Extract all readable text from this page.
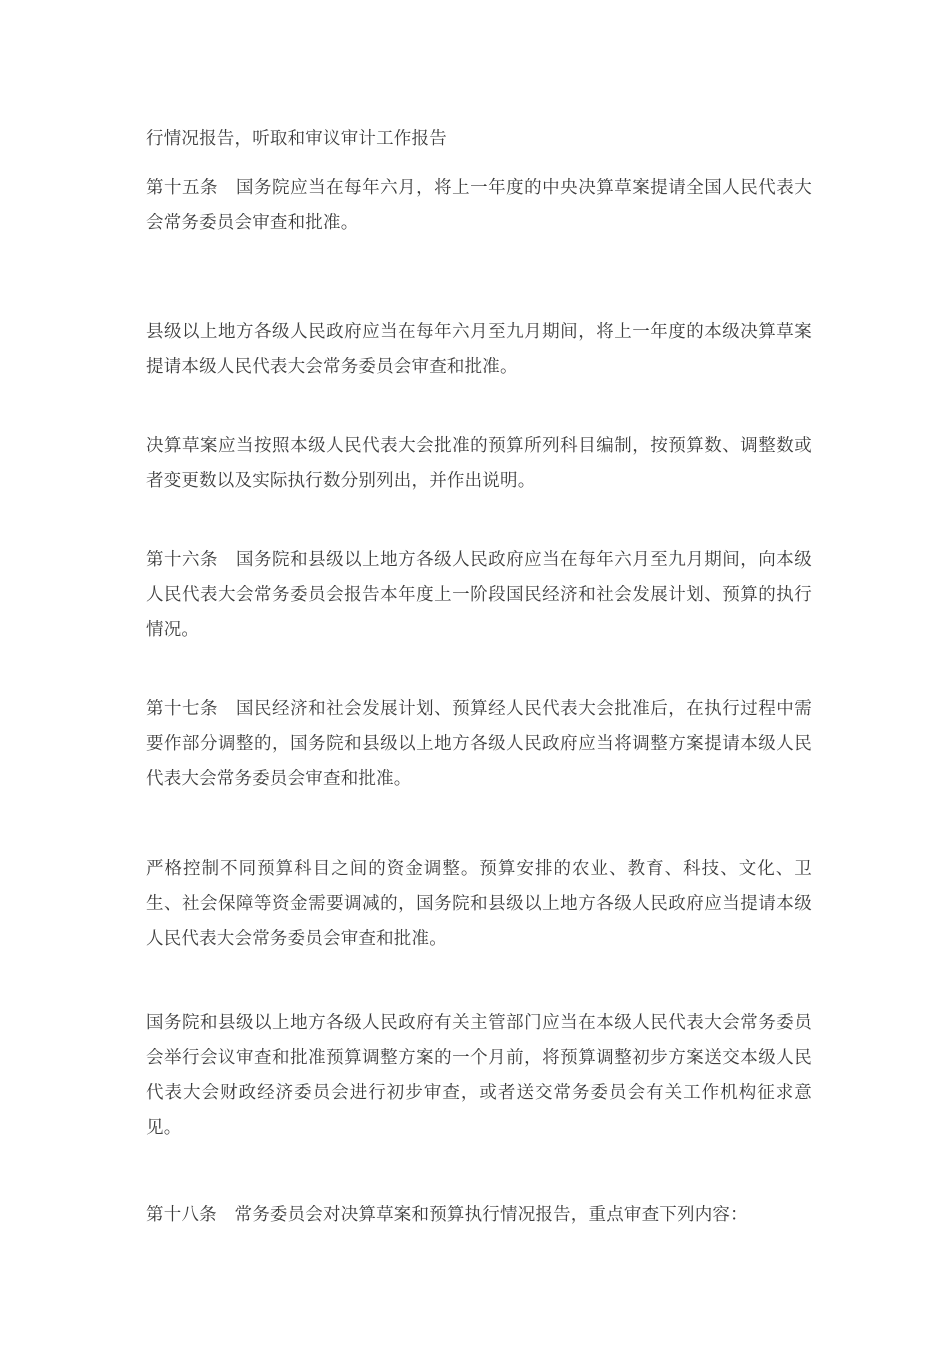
行情况报告，听取和审议审计工作报告

第十五条　国务院应当在每年六月，将上一年度的中央决算草案提请全国人民代表大会常务委员会审查和批准。

县级以上地方各级人民政府应当在每年六月至九月期间，将上一年度的本级决算草案提请本级人民代表大会常务委员会审查和批准。

决算草案应当按照本级人民代表大会批准的预算所列科目编制，按预算数、调整数或者变更数以及实际执行数分别列出，并作出说明。

第十六条　国务院和县级以上地方各级人民政府应当在每年六月至九月期间，向本级人民代表大会常务委员会报告本年度上一阶段国民经济和社会发展计划、预算的执行情况。

第十七条　国民经济和社会发展计划、预算经人民代表大会批准后，在执行过程中需要作部分调整的，国务院和县级以上地方各级人民政府应当将调整方案提请本级人民代表大会常务委员会审查和批准。

严格控制不同预算科目之间的资金调整。预算安排的农业、教育、科技、文化、卫生、社会保障等资金需要调减的，国务院和县级以上地方各级人民政府应当提请本级人民代表大会常务委员会审查和批准。

国务院和县级以上地方各级人民政府有关主管部门应当在本级人民代表大会常务委员会举行会议审查和批准预算调整方案的一个月前，将预算调整初步方案送交本级人民代表大会财政经济委员会进行初步审查，或者送交常务委员会有关工作机构征求意见。

第十八条　常务委员会对决算草案和预算执行情况报告，重点审查下列内容：
